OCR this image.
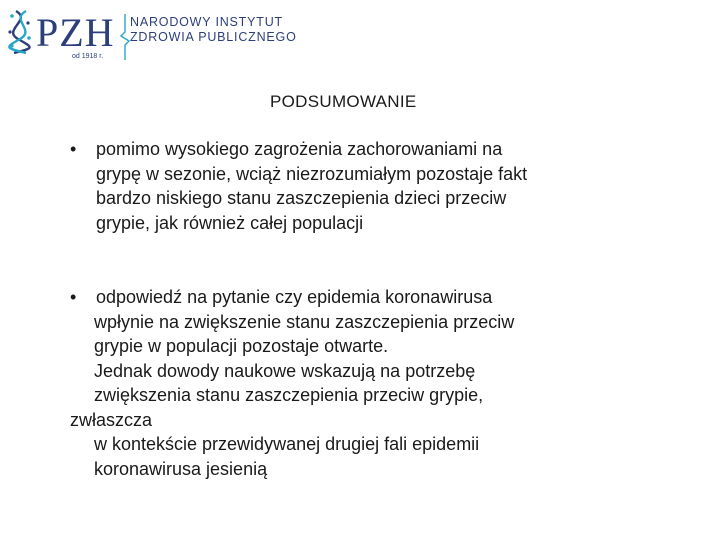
PZH NARODOWY INSTYTUT
ZDROWIA PUBLICZNEGO
od 1918 r.
PODSUMOWANIE
•	pomimo wysokiego zagrożenia zachorowaniami na
grypę w sezonie, wciąż niezrozumiałym pozostaje fakt
bardzo niskiego stanu zaszczepienia dzieci przeciw
grypie, jak również całej populacji
•	odpowiedź na pytanie czy epidemia koronawirusa
wpłynie na zwiększenie stanu zaszczepienia przeciw
grypie w populacji pozostaje otwarte.
Jednak dowody naukowe wskazują na potrzebę
zwiększenia stanu zaszczepienia przeciw grypie,
zwłaszcza
w kontekście przewidywanej drugiej fali epidemii
koronawirusa jesienią
